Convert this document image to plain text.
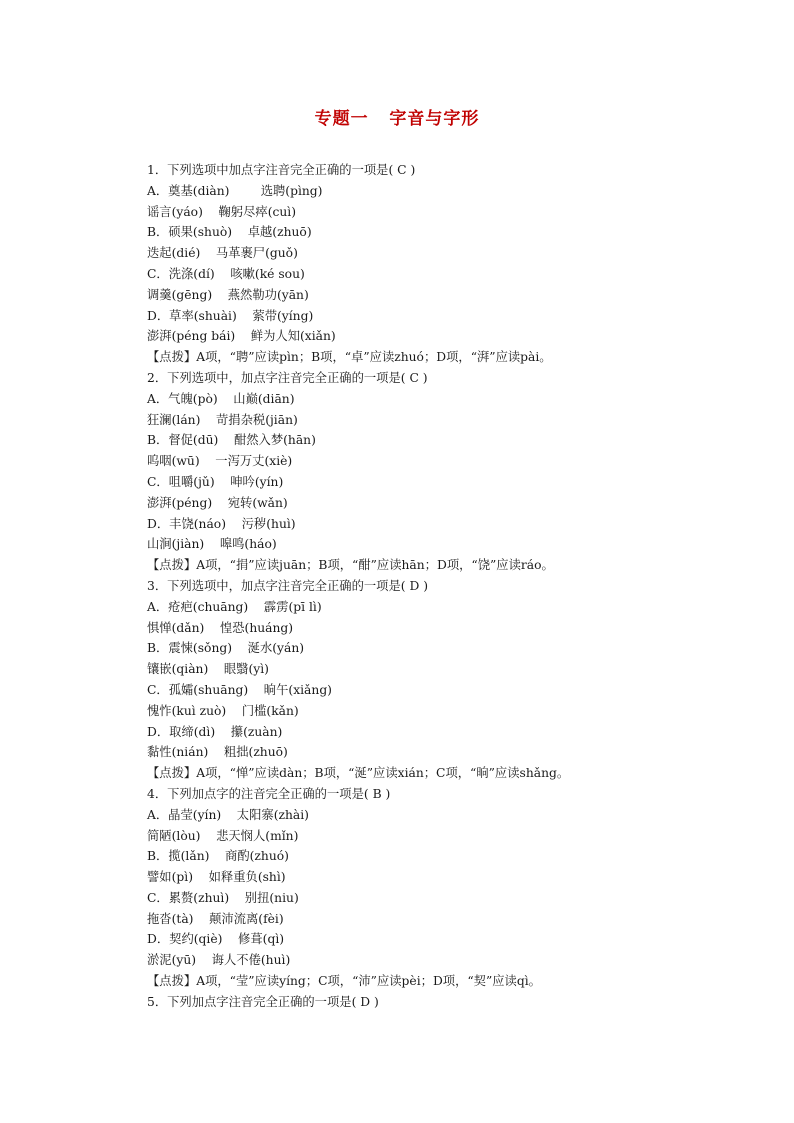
专题一   字音与字形
1．下列选项中加点字注音完全正确的一项是( C )
A．奠基(diàn)        选聘(pìng)
谣言(yáo)    鞠躬尽瘁(cuì)
B．硕果(shuò)    卓越(zhuō)
迭起(dié)    马革裹尸(guǒ)
C．洗涤(dí)    咳嗽(ké sou)
调羹(gēng)    燕然勒功(yān)
D．草率(shuài)    萦带(yíng)
澎湃(péng bái)    鲜为人知(xiǎn)
【点拨】A项，“聘”应读pìn；B项，“卓”应读zhuó；D项，“湃”应读pài。
2．下列选项中，加点字注音完全正确的一项是( C )
A．气魄(pò)    山巅(diān)
狂澜(lán)    苛捐杂税(jiān)
B．督促(dū)    酣然入梦(hān)
呜咽(wū)    一泻万丈(xiè)
C．咀嚼(jǔ)    呻吟(yín)
澎湃(péng)    宛转(wǎn)
D．丰饶(náo)    污秽(huì)
山涧(jiàn)    嗥鸣(háo)
【点拨】A项，“捐”应读juān；B项，“酣”应读hān；D项，“饶”应读ráo。
3．下列选项中，加点字注音完全正确的一项是( D )
A．疮疤(chuāng)    霹雳(pī lì)
惧惮(dǎn)    惶恐(huáng)
B．震悚(sǒng)    涎水(yán)
镶嵌(qiàn)    眼翳(yì)
C．孤孀(shuāng)    晌午(xiǎng)
愧怍(kuì zuò)    门槛(kǎn)
D．取缔(dì)    攥(zuàn)
黏性(nián)    粗拙(zhuō)
【点拨】A项，“惮”应读dàn；B项，“涎”应读xián；C项，“晌”应读shǎng。
4．下列加点字的注音完全正确的一项是( B )
A．晶莹(yín)    太阳寨(zhài)
简陋(lòu)    悲天悯人(mǐn)
B．揽(lǎn)    商酌(zhuó)
譬如(pì)    如释重负(shì)
C．累赘(zhuì)    别扭(niu)
拖沓(tà)    颠沛流离(fèi)
D．契约(qiè)    修葺(qì)
淤泥(yū)    诲人不倦(huì)
【点拨】A项，“莹”应读yíng；C项，“沛”应读pèi；D项，“契”应读qì。
5．下列加点字注音完全正确的一项是( D )
